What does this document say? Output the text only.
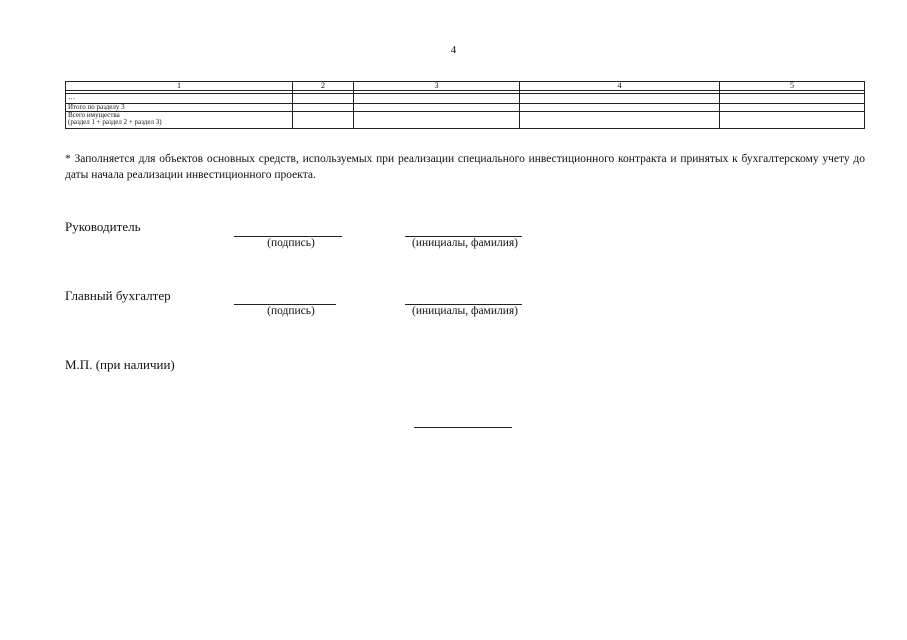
4
1	2	3	4	5

…				
Итого по разделу 3				

Всего имущества
(раздел 1 + раздел 2 + раздел 3)				

* Заполняется для объектов основных средств, используемых при реализации специального инвестиционного контракта и принятых к бухгалтерскому учету до даты начала реализации инвестиционного проекта.
Руководитель
(подпись)	(инициалы, фамилия)
Главный бухгалтер
(подпись)	(инициалы, фамилия)
М.П. (при наличии)
